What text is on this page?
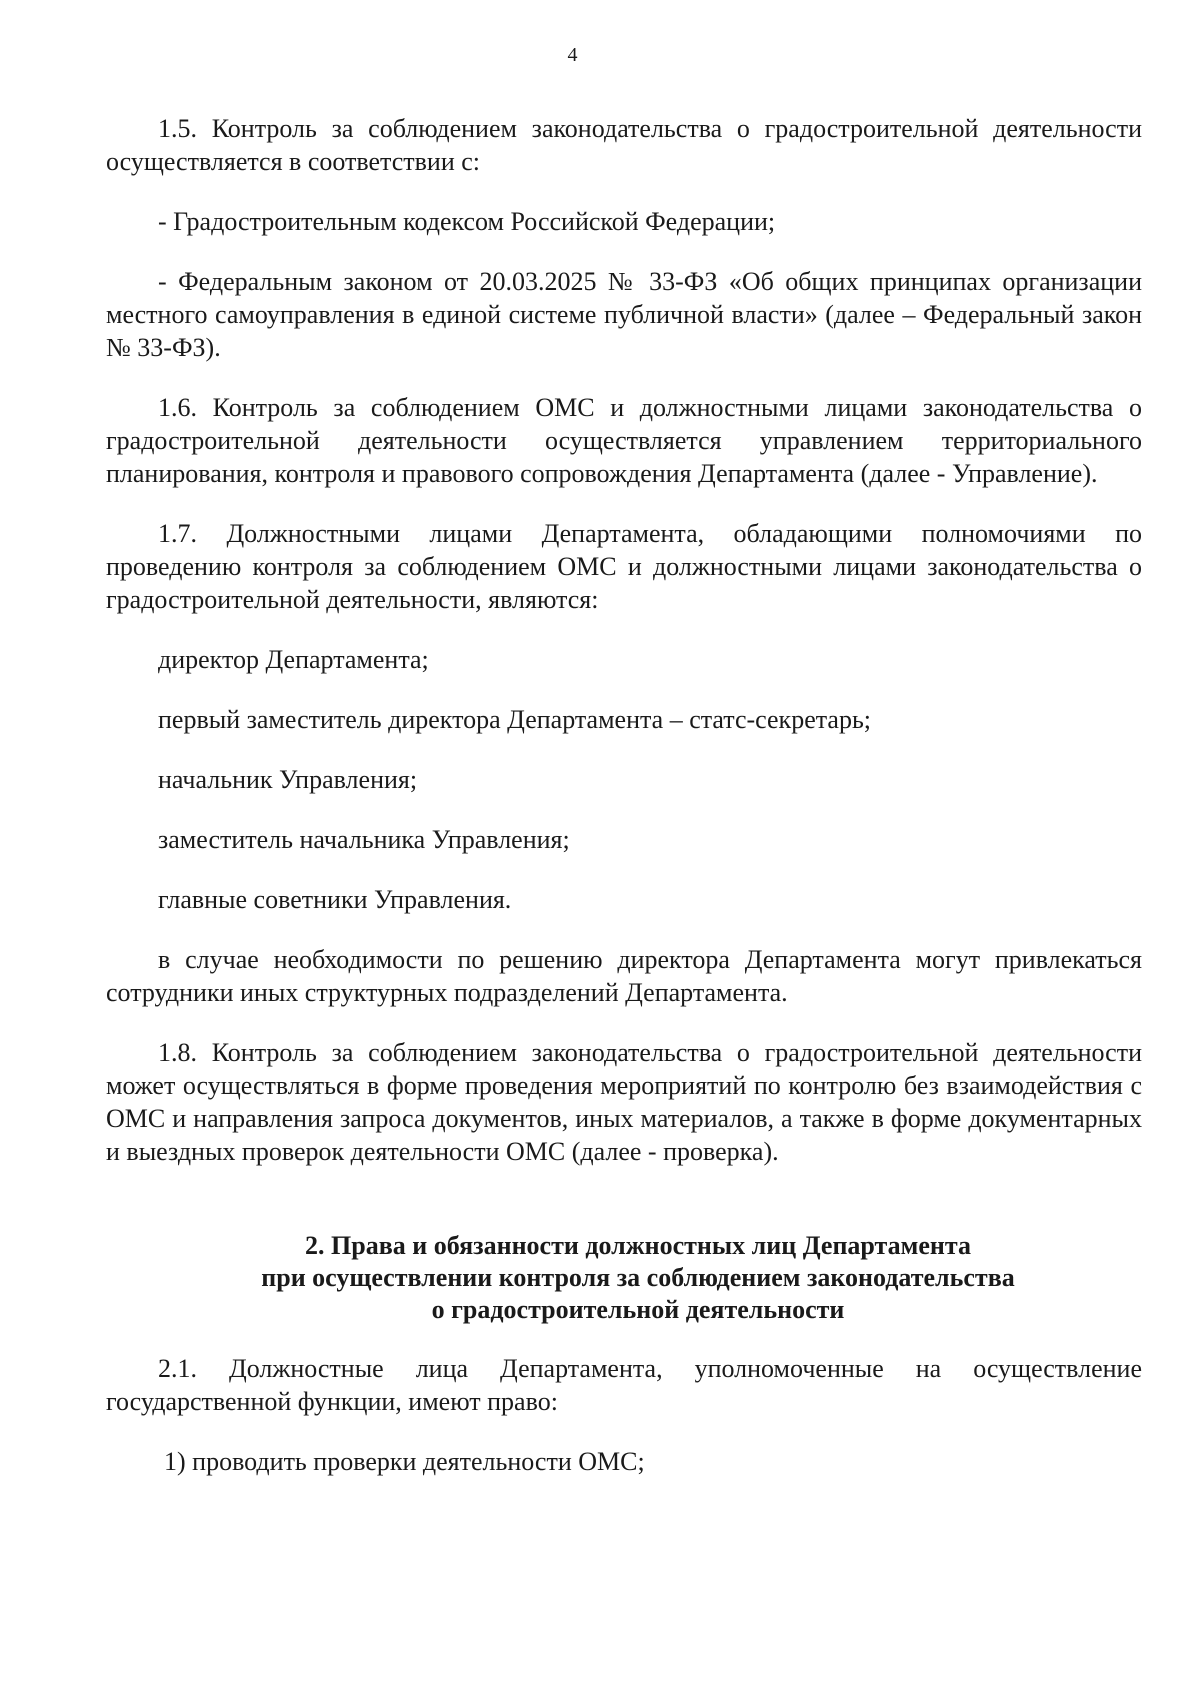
4

1.5. Контроль за соблюдением законодательства о градостроительной деятельности осуществляется в соответствии с:

- Градостроительным кодексом Российской Федерации;

- Федеральным законом от 20.03.2025 № 33-ФЗ «Об общих принципах организации местного самоуправления в единой системе публичной власти» (далее – Федеральный закон № 33-ФЗ).

1.6. Контроль за соблюдением ОМС и должностными лицами законодательства о градостроительной деятельности осуществляется управлением территориального планирования, контроля и правового сопровождения Департамента (далее - Управление).

1.7. Должностными лицами Департамента, обладающими полномочиями по проведению контроля за соблюдением ОМС и должностными лицами законодательства о градостроительной деятельности, являются:

директор Департамента;

первый заместитель директора Департамента – статс-секретарь;

начальник Управления;

заместитель начальника Управления;

главные советники Управления.

в случае необходимости по решению директора Департамента могут привлекаться сотрудники иных структурных подразделений Департамента.

1.8. Контроль за соблюдением законодательства о градостроительной деятельности может осуществляться в форме проведения мероприятий по контролю без взаимодействия с ОМС и направления запроса документов, иных материалов, а также в форме документарных и выездных проверок деятельности ОМС (далее - проверка).

2. Права и обязанности должностных лиц Департамента
при осуществлении контроля за соблюдением законодательства
о градостроительной деятельности

2.1. Должностные лица Департамента, уполномоченные на осуществление государственной функции, имеют право:

1) проводить проверки деятельности ОМС;
